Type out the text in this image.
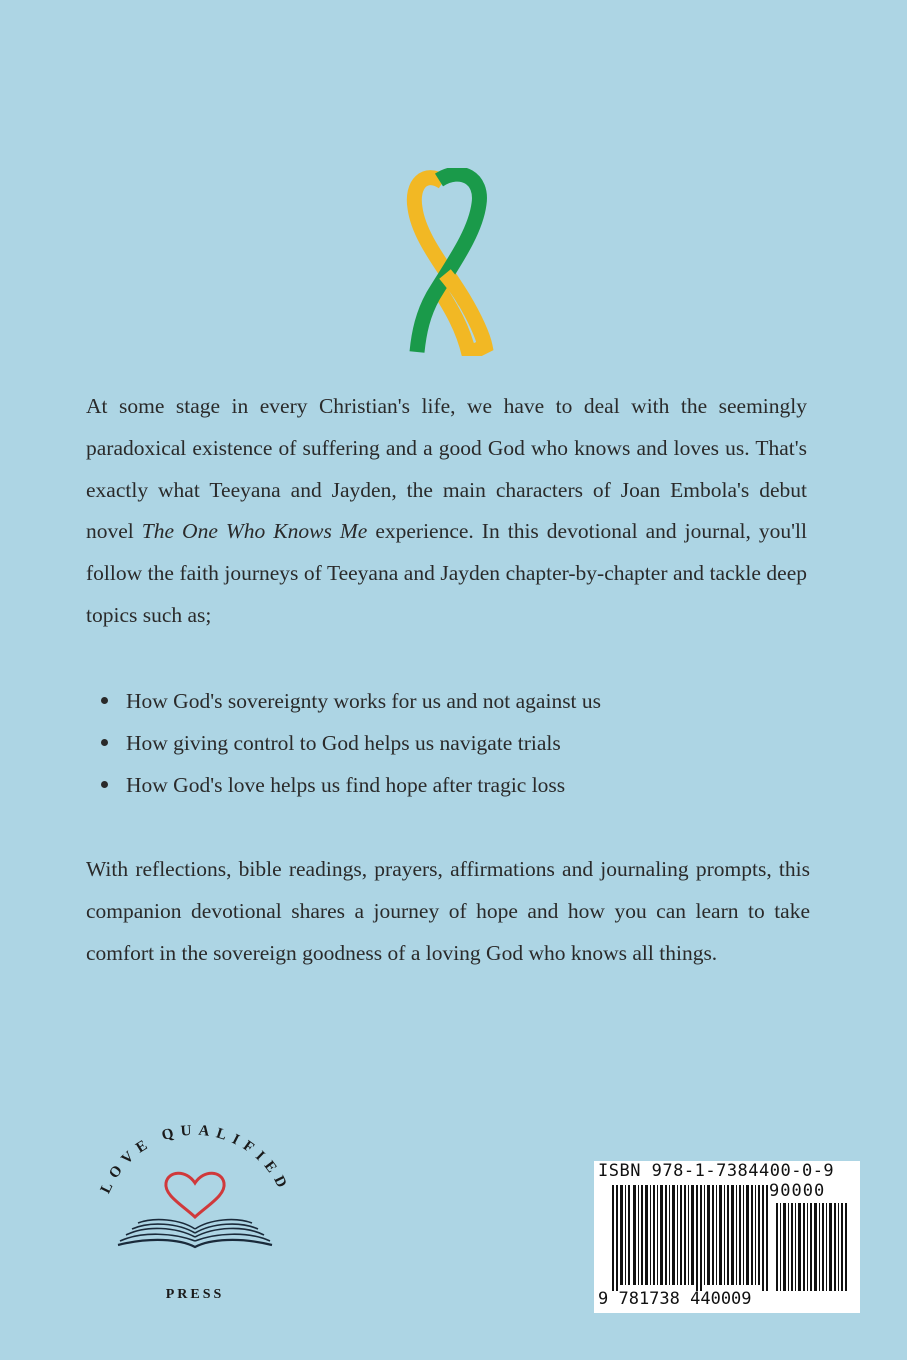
At some stage in every Christian's life, we have to deal with the seemingly paradoxical existence of suffering and a good God who knows and loves us. That's exactly what Teeyana and Jayden, the main characters of Joan Embola's debut novel The One Who Knows Me experience. In this devotional and journal, you'll follow the faith journeys of Teeyana and Jayden chapter-by-chapter and tackle deep topics such as;

How God's sovereignty works for us and not against us
How giving control to God helps us navigate trials
How God's love helps us find hope after tragic loss

With reflections, bible readings, prayers, affirmations and journaling prompts, this companion devotional shares a journey of hope and how you can learn to take comfort in the sovereign goodness of a loving God who knows all things.

LOVE QUALIFIED
PRESS
ISBN 978-1-7384400-0-9
90000
9 781738 440009
